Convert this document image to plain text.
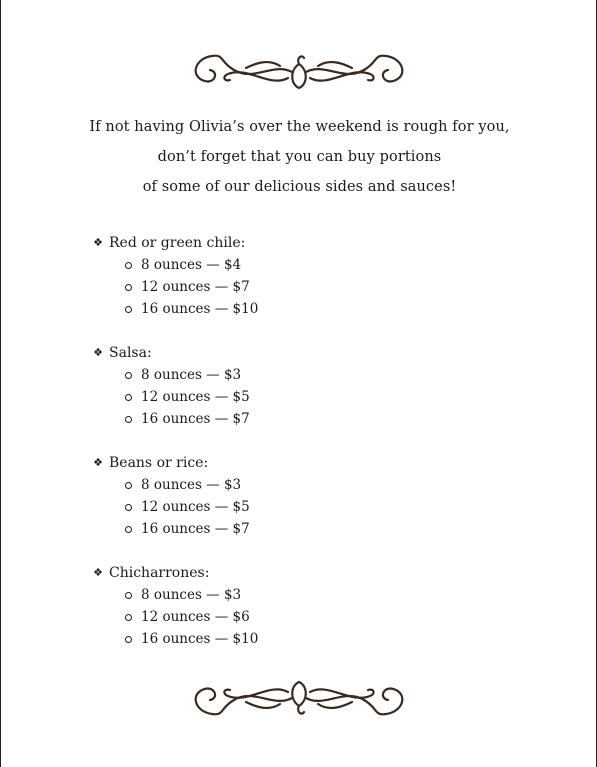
If not having Olivia’s over the weekend is rough for you,
don’t forget that you can buy portions
of some of our delicious sides and sauces!
❖ Red or green chile:
8 ounces — $4
12 ounces — $7
16 ounces — $10
❖ Salsa:
8 ounces — $3
12 ounces — $5
16 ounces — $7
❖ Beans or rice:
8 ounces — $3
12 ounces — $5
16 ounces — $7
❖ Chicharrones:
8 ounces — $3
12 ounces — $6
16 ounces — $10
